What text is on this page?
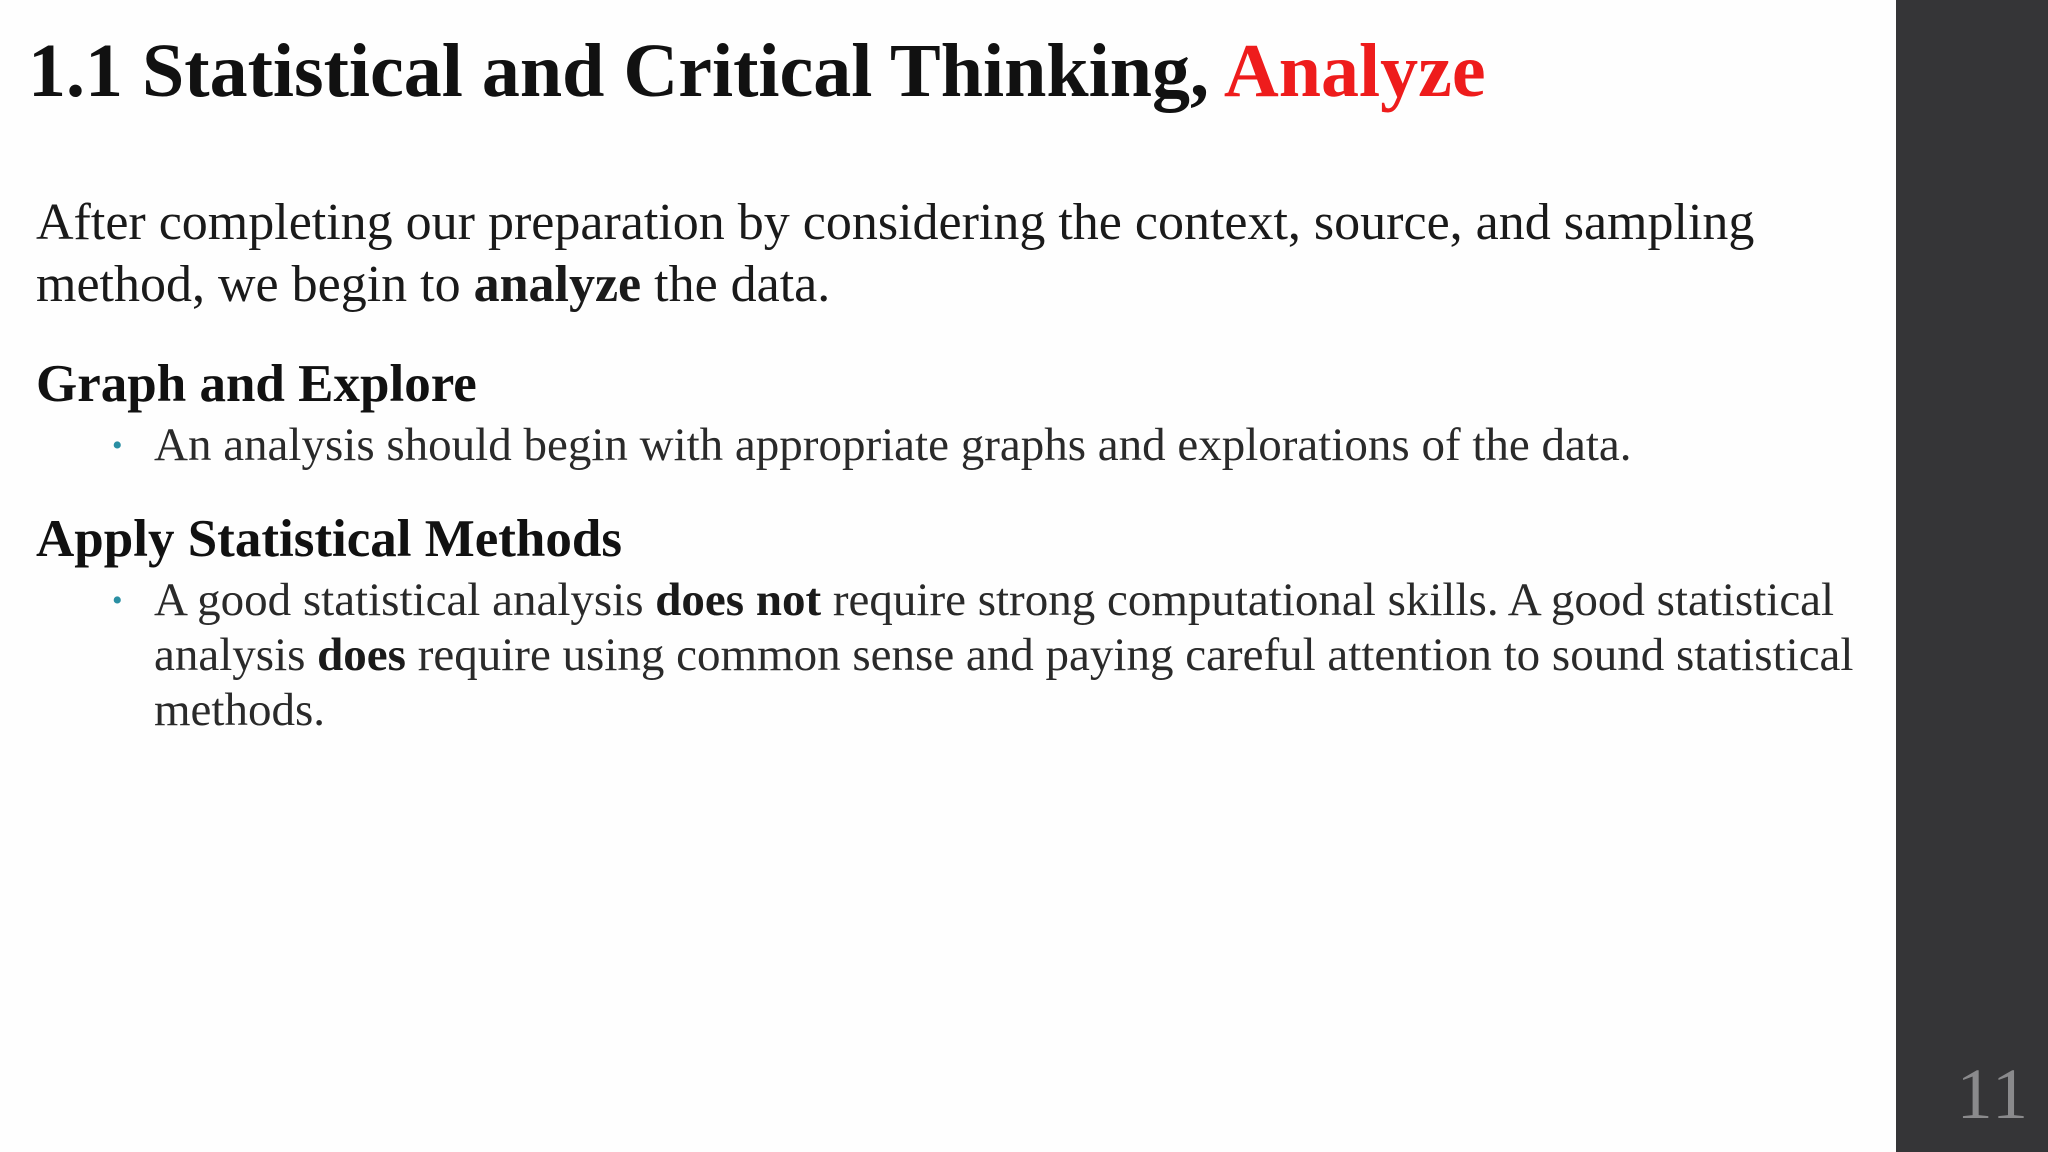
1.1 Statistical and Critical Thinking, Analyze

After completing our preparation by considering the context, source, and sampling method, we begin to analyze the data.

Graph and Explore
• An analysis should begin with appropriate graphs and explorations of the data.
Apply Statistical Methods
• A good statistical analysis does not require strong computational skills. A good statistical analysis does require using common sense and paying careful attention to sound statistical methods.
11
